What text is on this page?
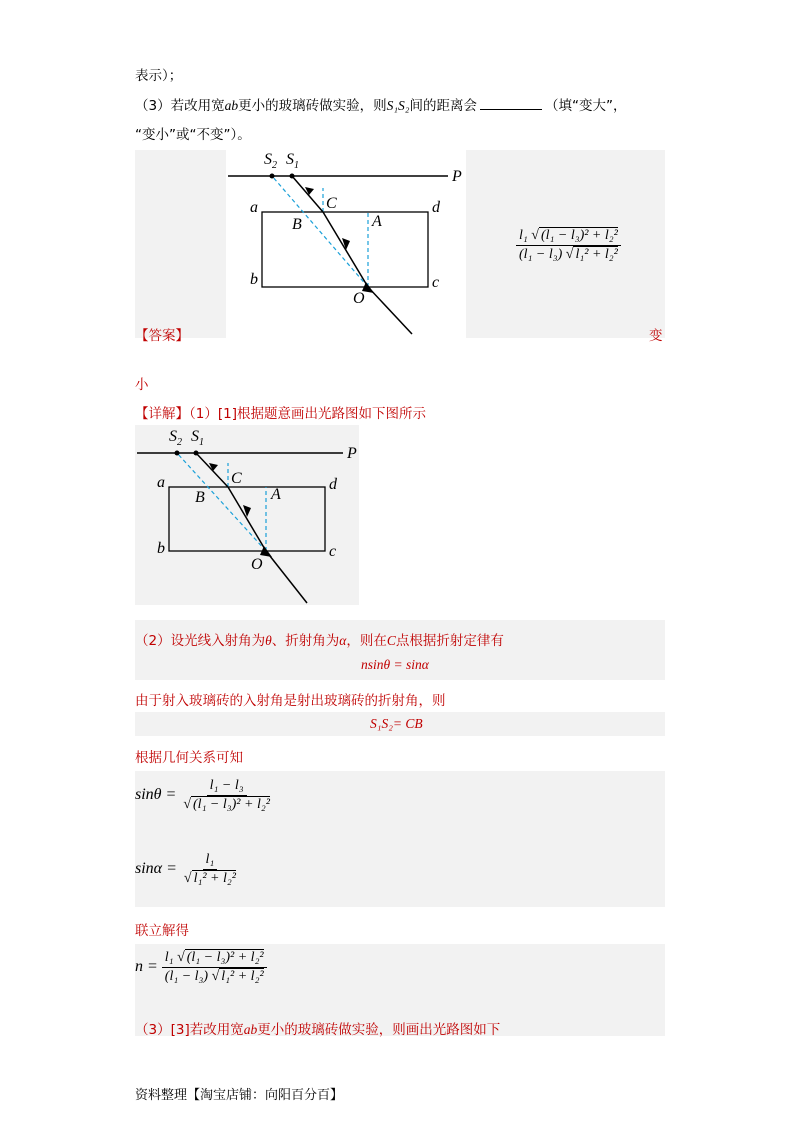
表示）；
（3）若改用宽ab更小的玻璃砖做实验，则S₁S₂间的距离会	（填“变大”，
“变小”或“不变”）。
$S_2$ $S_1$
P
a	d
b	c
B
C
A
O
$\frac{\text{l₁ √ (l₁ − l₃)² + l₂²}}{\text{(l₁ − l₃) √ l₁² + l₂²}}$
【答案】	变
小
【详解】（1）[1]根据题意画出光路图如下图所示
$S_2$ $S_1$
P
a	d
b	c
B
C
A
O
（2）设光线入射角为θ、折射角为α，则在C点根据折射定律有
nsinθ = sinα
由于射入玻璃砖的入射角是射出玻璃砖的折射角，则
S₁S₂= CB
根据几何关系可知
$\sin\theta = \frac{\text{l₁ − l₃}}{\text{√ (l₁ − l₃)² + l₂²}}$
$\sin\alpha = \frac{\text{l₁}}{\text{√ l₁² + l₂²}}$
联立解得
$n = \frac{\text{l₁ √ (l₁ − l₃)² + l₂²}}{\text{(l₁ − l₃) √ l₁² + l₂²}}$
（3）[3]若改用宽ab更小的玻璃砖做实验，则画出光路图如下
资料整理【淘宝店铺：向阳百分百】
